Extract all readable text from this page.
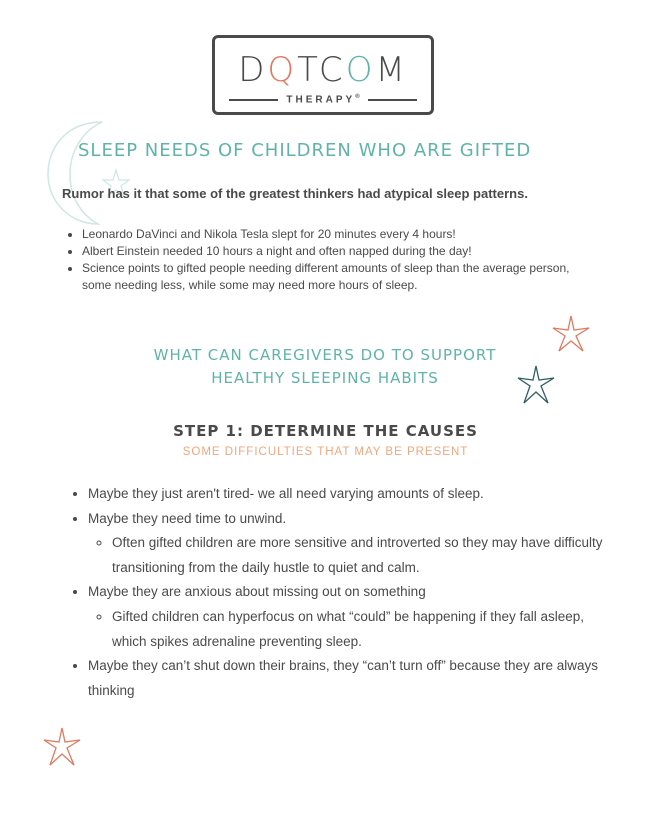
DQTCOM
THERAPY®
SLEEP NEEDS OF CHILDREN WHO ARE GIFTED

Rumor has it that some of the greatest thinkers had atypical sleep patterns.

• Leonardo DaVinci and Nikola Tesla slept for 20 minutes every 4 hours!
• Albert Einstein needed 10 hours a night and often napped during the day!
• Science points to gifted people needing different amounts of sleep than the average person, some needing less, while some may need more hours of sleep.
WHAT CAN CAREGIVERS DO TO SUPPORT
HEALTHY SLEEPING HABITS
STEP 1: DETERMINE THE CAUSES

SOME DIFFICULTIES THAT MAY BE PRESENT

• Maybe they just aren't tired- we all need varying amounts of sleep.
• Maybe they need time to unwind.
◦ Often gifted children are more sensitive and introverted so they may have difficulty transitioning from the daily hustle to quiet and calm.
• Maybe they are anxious about missing out on something
◦ Gifted children can hyperfocus on what “could” be happening if they fall asleep, which spikes adrenaline preventing sleep.
• Maybe they can’t shut down their brains, they “can’t turn off” because they are always thinking
